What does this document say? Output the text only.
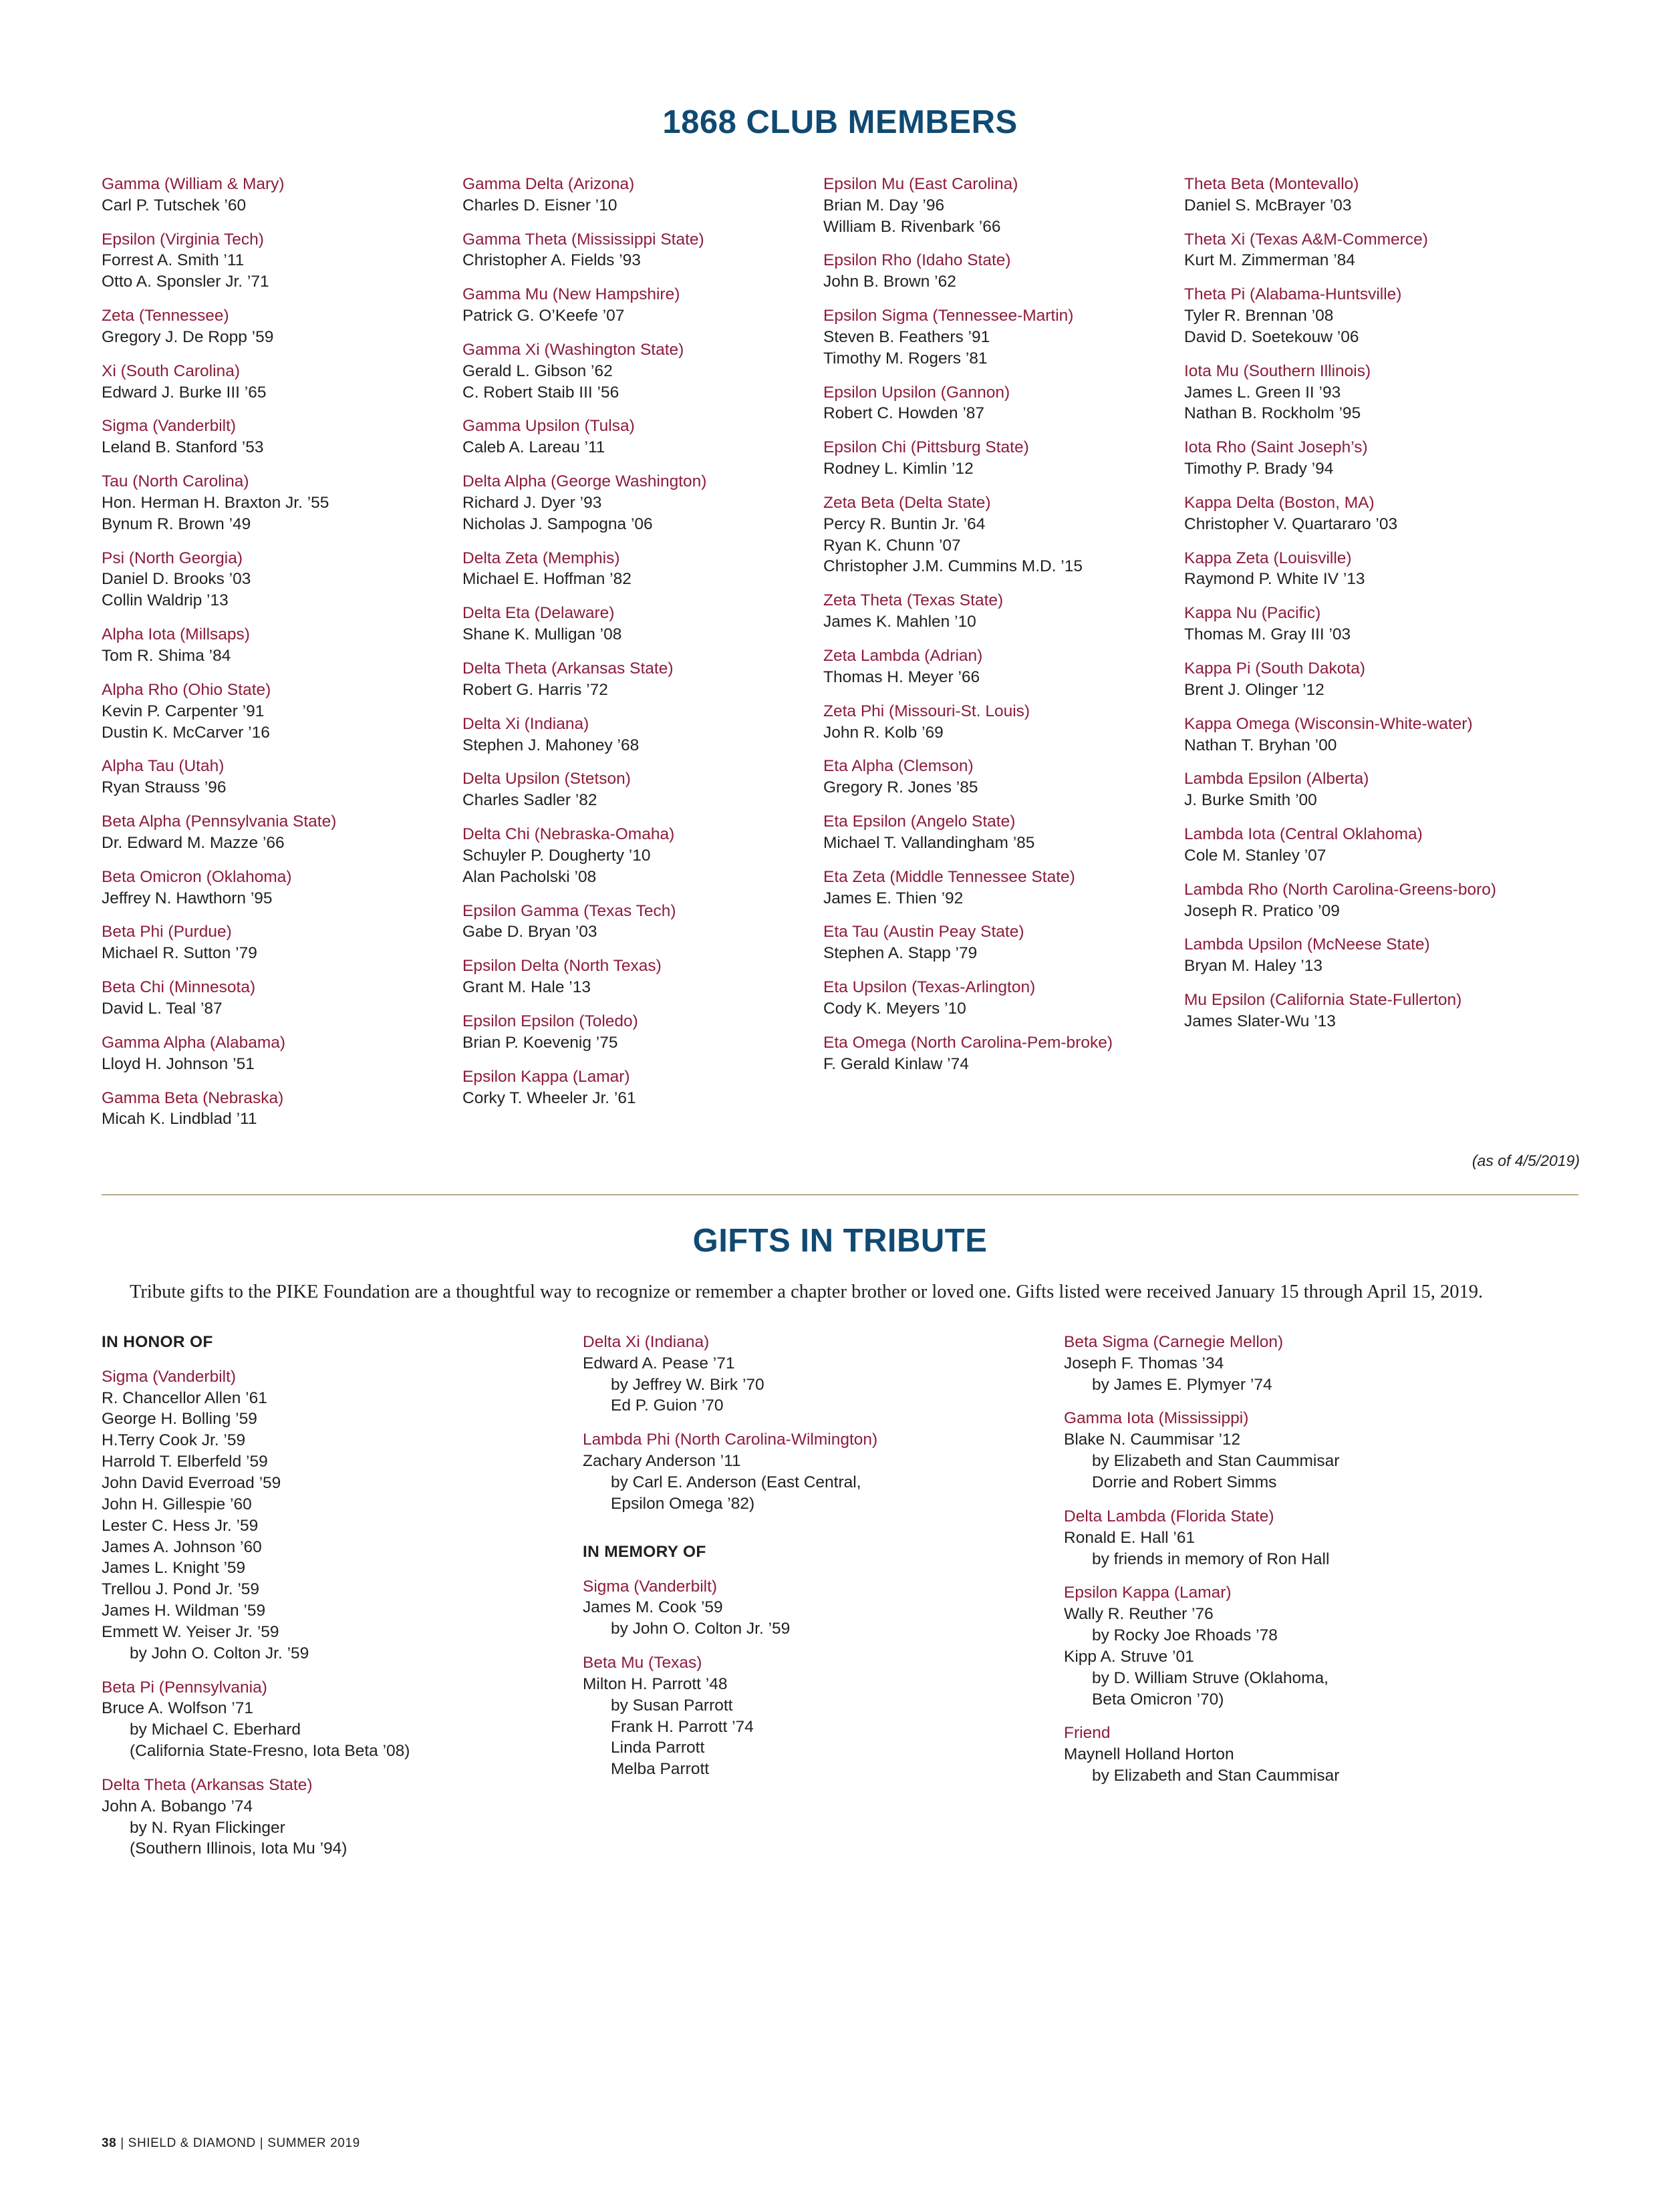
1868 CLUB MEMBERS
Gamma (William & Mary)
Carl P. Tutschek ’60
Epsilon (Virginia Tech)
Forrest A. Smith ’11
Otto A. Sponsler Jr. ’71
Zeta (Tennessee)
Gregory J. De Ropp ’59
Xi (South Carolina)
Edward J. Burke III ’65
Sigma (Vanderbilt)
Leland B. Stanford ’53
Tau (North Carolina)
Hon. Herman H. Braxton Jr. ’55
Bynum R. Brown ’49
Psi (North Georgia)
Daniel D. Brooks ’03
Collin Waldrip ’13
Alpha Iota (Millsaps)
Tom R. Shima ’84
Alpha Rho (Ohio State)
Kevin P. Carpenter ’91
Dustin K. McCarver ’16
Alpha Tau (Utah)
Ryan Strauss ’96
Beta Alpha (Pennsylvania State)
Dr. Edward M. Mazze ’66
Beta Omicron (Oklahoma)
Jeffrey N. Hawthorn ’95
Beta Phi (Purdue)
Michael R. Sutton ’79
Beta Chi (Minnesota)
David L. Teal ’87
Gamma Alpha (Alabama)
Lloyd H. Johnson ’51
Gamma Beta (Nebraska)
Micah K. Lindblad ’11
Gamma Delta (Arizona)
Charles D. Eisner ’10
Gamma Theta (Mississippi State)
Christopher A. Fields ’93
Gamma Mu (New Hampshire)
Patrick G. O’Keefe ’07
Gamma Xi (Washington State)
Gerald L. Gibson ’62
C. Robert Staib III ’56
Gamma Upsilon (Tulsa)
Caleb A. Lareau ’11
Delta Alpha (George Washington)
Richard J. Dyer ’93
Nicholas J. Sampogna ’06
Delta Zeta (Memphis)
Michael E. Hoffman ’82
Delta Eta (Delaware)
Shane K. Mulligan ’08
Delta Theta (Arkansas State)
Robert G. Harris ’72
Delta Xi (Indiana)
Stephen J. Mahoney ’68
Delta Upsilon (Stetson)
Charles Sadler ’82
Delta Chi (Nebraska-Omaha)
Schuyler P. Dougherty ’10
Alan Pacholski ’08
Epsilon Gamma (Texas Tech)
Gabe D. Bryan ’03
Epsilon Delta (North Texas)
Grant M. Hale ’13
Epsilon Epsilon (Toledo)
Brian P. Koevenig ’75
Epsilon Kappa (Lamar)
Corky T. Wheeler Jr. ’61
Epsilon Mu (East Carolina)
Brian M. Day ’96
William B. Rivenbark ’66
Epsilon Rho (Idaho State)
John B. Brown ’62
Epsilon Sigma (Tennessee-Martin)
Steven B. Feathers ’91
Timothy M. Rogers ’81
Epsilon Upsilon (Gannon)
Robert C. Howden ’87
Epsilon Chi (Pittsburg State)
Rodney L. Kimlin ’12
Zeta Beta (Delta State)
Percy R. Buntin Jr. ’64
Ryan K. Chunn ’07
Christopher J.M. Cummins M.D. ’15
Zeta Theta (Texas State)
James K. Mahlen ’10
Zeta Lambda (Adrian)
Thomas H. Meyer ’66
Zeta Phi (Missouri-St. Louis)
John R. Kolb ’69
Eta Alpha (Clemson)
Gregory R. Jones ’85
Eta Epsilon (Angelo State)
Michael T. Vallandingham ’85
Eta Zeta (Middle Tennessee State)
James E. Thien ’92
Eta Tau (Austin Peay State)
Stephen A. Stapp ’79
Eta Upsilon (Texas-Arlington)
Cody K. Meyers ’10
Eta Omega (North Carolina-Pem-broke)
F. Gerald Kinlaw ’74
Theta Beta (Montevallo)
Daniel S. McBrayer ’03
Theta Xi (Texas A&M-Commerce)
Kurt M. Zimmerman ’84
Theta Pi (Alabama-Huntsville)
Tyler R. Brennan ’08
David D. Soetekouw ’06
Iota Mu (Southern Illinois)
James L. Green II ’93
Nathan B. Rockholm ’95
Iota Rho (Saint Joseph’s)
Timothy P. Brady ’94
Kappa Delta (Boston, MA)
Christopher V. Quartararo ’03
Kappa Zeta (Louisville)
Raymond P. White IV ’13
Kappa Nu (Pacific)
Thomas M. Gray III ’03
Kappa Pi (South Dakota)
Brent J. Olinger ’12
Kappa Omega (Wisconsin-White-water)
Nathan T. Bryhan ’00
Lambda Epsilon (Alberta)
J. Burke Smith ’00
Lambda Iota (Central Oklahoma)
Cole M. Stanley ’07
Lambda Rho (North Carolina-Greens-boro)
Joseph R. Pratico ’09
Lambda Upsilon (McNeese State)
Bryan M. Haley ’13
Mu Epsilon (California State-Fullerton)
James Slater-Wu ’13
(as of 4/5/2019)
GIFTS IN TRIBUTE

Tribute gifts to the PIKE Foundation are a thoughtful way to recognize or remember a chapter brother or loved one. Gifts listed were received January 15 through April 15, 2019.

IN HONOR OF
Sigma (Vanderbilt)
R. Chancellor Allen ’61
George H. Bolling ’59
H.Terry Cook Jr. ’59
Harrold T. Elberfeld ’59
John David Everroad ’59
John H. Gillespie ’60
Lester C. Hess Jr. ’59
James A. Johnson ’60
James L. Knight ’59
Trellou J. Pond Jr. ’59
James H. Wildman ’59
Emmett W. Yeiser Jr. ’59
by John O. Colton Jr. ’59
Beta Pi (Pennsylvania)
Bruce A. Wolfson ’71
by Michael C. Eberhard
(California State-Fresno, Iota Beta ’08)
Delta Theta (Arkansas State)
John A. Bobango ’74
by N. Ryan Flickinger
(Southern Illinois, Iota Mu ’94)
Delta Xi (Indiana)
Edward A. Pease ’71
by Jeffrey W. Birk ’70
Ed P. Guion ’70
Lambda Phi (North Carolina-Wilmington)
Zachary Anderson ’11
by Carl E. Anderson (East Central,
Epsilon Omega ’82)
IN MEMORY OF
Sigma (Vanderbilt)
James M. Cook ’59
by John O. Colton Jr. ’59
Beta Mu (Texas)
Milton H. Parrott ’48
by Susan Parrott
Frank H. Parrott ’74
Linda Parrott
Melba Parrott
Beta Sigma (Carnegie Mellon)
Joseph F. Thomas ’34
by James E. Plymyer ’74
Gamma Iota (Mississippi)
Blake N. Caummisar ’12
by Elizabeth and Stan Caummisar
Dorrie and Robert Simms
Delta Lambda (Florida State)
Ronald E. Hall ’61
by friends in memory of Ron Hall
Epsilon Kappa (Lamar)
Wally R. Reuther ’76
by Rocky Joe Rhoads ’78
Kipp A. Struve ’01
by D. William Struve (Oklahoma,
Beta Omicron ’70)
Friend
Maynell Holland Horton
by Elizabeth and Stan Caummisar
38 | SHIELD & DIAMOND | SUMMER 2019
